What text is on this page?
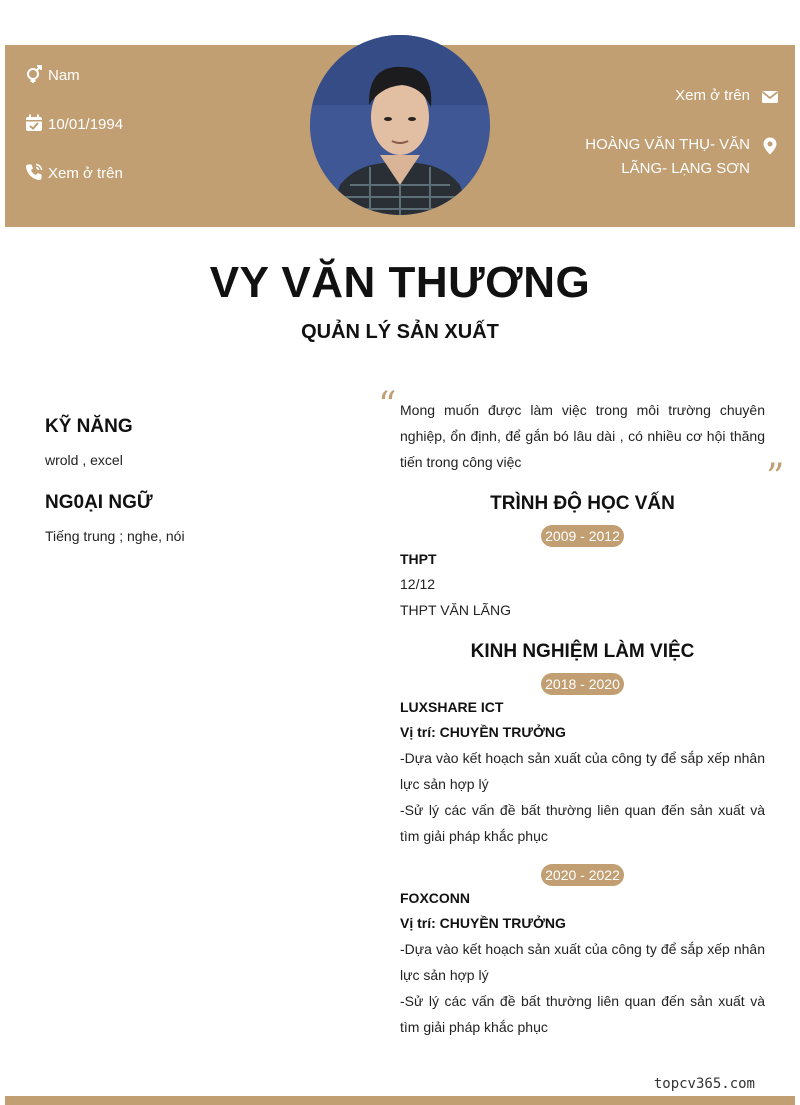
Nam
10/01/1994
Xem ở trên
Xem ở trên
HOÀNG VĂN THỤ- VĂN
LÃNG- LẠNG SƠN
VY VĂN THƯƠNG
QUẢN LÝ SẢN XUẤT
KỸ NĂNG
wrold , excel
NG0ẠI NGỮ
Tiếng trung ; nghe, nói
“ Mong muốn được làm việc trong môi trường chuyên nghiệp, ổn định, để gắn bó lâu dài , có nhiều cơ hội thăng tiến trong công việc	”
TRÌNH ĐỘ HỌC VẤN
2009 - 2012
THPT
12/12
THPT VĂN LÃNG
KINH NGHIỆM LÀM VIỆC
2018 - 2020
LUXSHARE ICT
Vị trí: CHUYỀN TRƯỞNG
-Dựa vào kết hoạch sản xuất của công ty để sắp xếp nhân lực sản hợp lý
-Sử lý các vấn đề bất thường liên quan đến sản xuất và tìm giải pháp khắc phục
2020 - 2022
FOXCONN
Vị trí: CHUYỀN TRƯỞNG
-Dựa vào kết hoạch sản xuất của công ty để sắp xếp nhân lực sản hợp lý
-Sử lý các vấn đề bất thường liên quan đến sản xuất và tìm giải pháp khắc phục
topcv365.com
